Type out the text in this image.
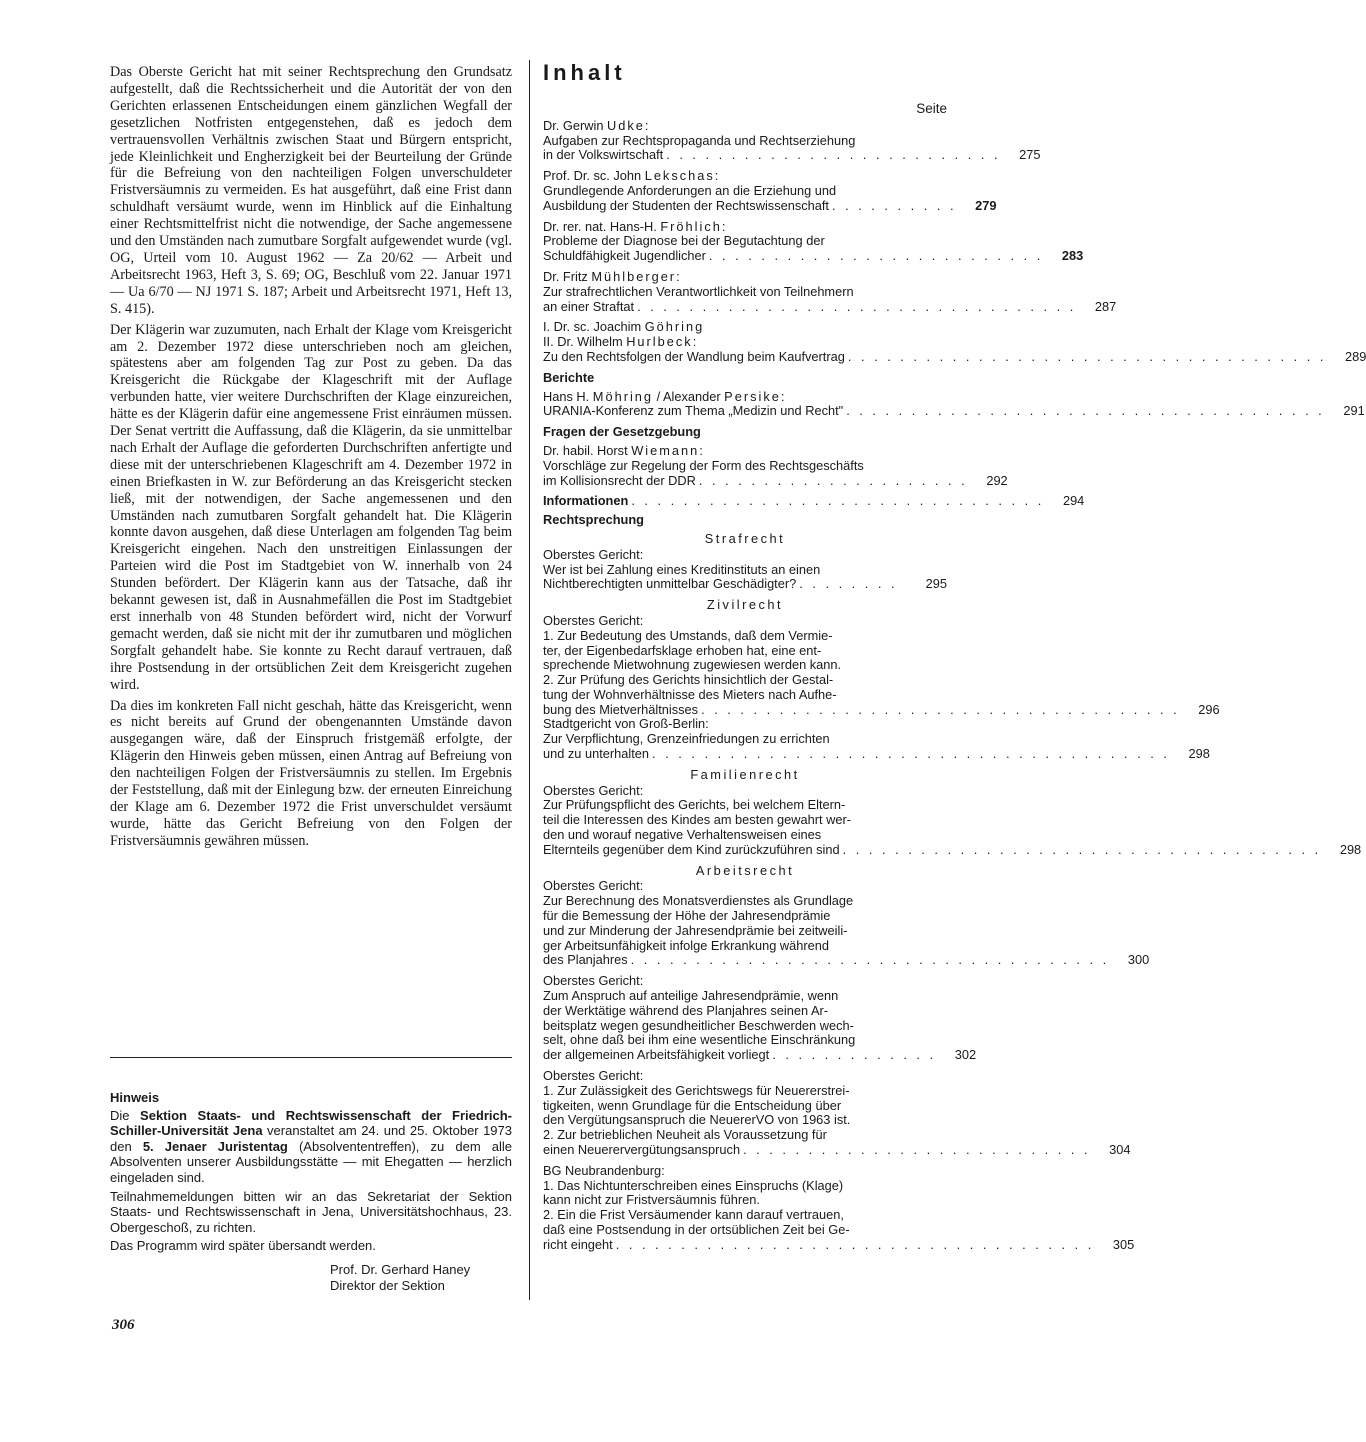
Das Oberste Gericht hat mit seiner Rechtsprechung den Grundsatz aufgestellt, daß die Rechtssicherheit und die Autorität der von den Gerichten erlassenen Entscheidungen einem gänzlichen Wegfall der gesetzlichen Notfristen entgegenstehen, daß es jedoch dem vertrauensvollen Verhältnis zwischen Staat und Bürgern entspricht, jede Kleinlichkeit und Engherzigkeit bei der Beurteilung der Gründe für die Befreiung von den nachteiligen Folgen unverschuldeter Fristversäumnis zu vermeiden. Es hat ausgeführt, daß eine Frist dann schuldhaft versäumt wurde, wenn im Hinblick auf die Einhaltung einer Rechtsmittelfrist nicht die notwendige, der Sache angemessene und den Umständen nach zumutbare Sorgfalt aufgewendet wurde (vgl. OG, Urteil vom 10. August 1962 — Za 20/62 — Arbeit und Arbeitsrecht 1963, Heft 3, S. 69; OG, Beschluß vom 22. Januar 1971 — Ua 6/70 — NJ 1971 S. 187; Arbeit und Arbeitsrecht 1971, Heft 13, S. 415).

Der Klägerin war zuzumuten, nach Erhalt der Klage vom Kreisgericht am 2. Dezember 1972 diese unterschrieben noch am gleichen, spätestens aber am folgenden Tag zur Post zu geben. Da das Kreisgericht die Rückgabe der Klageschrift mit der Auflage verbunden hatte, vier weitere Durchschriften der Klage einzureichen, hätte es der Klägerin dafür eine angemessene Frist einräumen müssen. Der Senat vertritt die Auffassung, daß die Klägerin, da sie unmittelbar nach Erhalt der Auflage die geforderten Durchschriften anfertigte und diese mit der unterschriebenen Klageschrift am 4. Dezember 1972 in einen Briefkasten in W. zur Beförderung an das Kreisgericht stecken ließ, mit der notwendigen, der Sache angemessenen und den Umständen nach zumutbaren Sorgfalt gehandelt hat. Die Klägerin konnte davon ausgehen, daß diese Unterlagen am folgenden Tag beim Kreisgericht eingehen. Nach den unstreitigen Einlassungen der Parteien wird die Post im Stadtgebiet von W. innerhalb von 24 Stunden befördert. Der Klägerin kann aus der Tatsache, daß ihr bekannt gewesen ist, daß in Ausnahmefällen die Post im Stadtgebiet erst innerhalb von 48 Stunden befördert wird, nicht der Vorwurf gemacht werden, daß sie nicht mit der ihr zumutbaren und möglichen Sorgfalt gehandelt habe. Sie konnte zu Recht darauf vertrauen, daß ihre Postsendung in der ortsüblichen Zeit dem Kreisgericht zugehen wird.

Da dies im konkreten Fall nicht geschah, hätte das Kreisgericht, wenn es nicht bereits auf Grund der obengenannten Umstände davon ausgegangen wäre, daß der Einspruch fristgemäß erfolgte, der Klägerin den Hinweis geben müssen, einen Antrag auf Befreiung von den nachteiligen Folgen der Fristversäumnis zu stellen. Im Ergebnis der Feststellung, daß mit der Einlegung bzw. der erneuten Einreichung der Klage am 6. Dezember 1972 die Frist unverschuldet versäumt wurde, hätte das Gericht Befreiung von den Folgen der Fristversäumnis gewähren müssen.

Hinweis

Die Sektion Staats- und Rechtswissenschaft der Friedrich-Schiller-Universität Jena veranstaltet am 24. und 25. Oktober 1973 den 5. Jenaer Juristentag (Absolvententreffen), zu dem alle Absolventen unserer Ausbildungsstätte — mit Ehegatten — herzlich eingeladen sind.

Teilnahmemeldungen bitten wir an das Sekretariat der Sektion Staats- und Rechtswissenschaft in Jena, Universitätshochhaus, 23. Obergeschoß, zu richten.

Das Programm wird später übersandt werden.

Prof. Dr. Gerhard Haney
Direktor der Sektion
306
Inhalt
Seite
Dr. Gerwin Udke:
Aufgaben zur Rechtspropaganda und Rechtserziehung
in der Volkswirtschaft . . . . . . . . . . . . . . . . . . . . . . . . . .	275
Prof. Dr. sc. John Lekschas:
Grundlegende Anforderungen an die Erziehung und
Ausbildung der Studenten der Rechtswissenschaft . . . . . . . . . .	279
Dr. rer. nat. Hans-H. Fröhlich:
Probleme der Diagnose bei der Begutachtung der
Schuldfähigkeit Jugendlicher . . . . . . . . . . . . . . . . . . . . . . . . . .	283
Dr. Fritz Mühlberger:
Zur strafrechtlichen Verantwortlichkeit von Teilnehmern
an einer Straftat . . . . . . . . . . . . . . . . . . . . . . . . . . . . . . . . . .	287
I. Dr. sc. Joachim Göhring
II. Dr. Wilhelm Hurlbeck:
Zu den Rechtsfolgen der Wandlung beim Kaufvertrag . . . . . . . . . . . . . . . . . . . . . . . . . . . . . . . . . . . . .	289
Berichte
Hans H. Möhring / Alexander Persike:
URANIA-Konferenz zum Thema „Medizin und Recht" . . . . . . . . . . . . . . . . . . . . . . . . . . . . . . . . . . . . .	291
Fragen der Gesetzgebung
Dr. habil. Horst Wiemann:
Vorschläge zur Regelung der Form des Rechtsgeschäfts
im Kollisionsrecht der DDR . . . . . . . . . . . . . . . . . . . . .	292
Informationen . . . . . . . . . . . . . . . . . . . . . . . . . . . . . . . .	294
Rechtsprechung
Strafrecht
Oberstes Gericht:
Wer ist bei Zahlung eines Kreditinstituts an einen
Nichtberechtigten unmittelbar Geschädigter? . . . . . . . .	295
Zivilrecht
Oberstes Gericht:
1. Zur Bedeutung des Umstands, daß dem Vermie-
ter, der Eigenbedarfsklage erhoben hat, eine ent-
sprechende Mietwohnung zugewiesen werden kann.
2. Zur Prüfung des Gerichts hinsichtlich der Gestal-
tung der Wohnverhältnisse des Mieters nach Aufhe-
bung des Mietverhältnisses . . . . . . . . . . . . . . . . . . . . . . . . . . . . . . . . . . . . .	296
Stadtgericht von Groß-Berlin:
Zur Verpflichtung, Grenzeinfriedungen zu errichten
und zu unterhalten . . . . . . . . . . . . . . . . . . . . . . . . . . . . . . . . . . . . . . . .	298
Familienrecht
Oberstes Gericht:
Zur Prüfungspflicht des Gerichts, bei welchem Eltern-
teil die Interessen des Kindes am besten gewahrt wer-
den und worauf negative Verhaltensweisen eines
Elternteils gegenüber dem Kind zurückzuführen sind . . . . . . . . . . . . . . . . . . . . . . . . . . . . . . . . . . . . .	298
Arbeitsrecht
Oberstes Gericht:
Zur Berechnung des Monatsverdienstes als Grundlage
für die Bemessung der Höhe der Jahresendprämie
und zur Minderung der Jahresendprämie bei zeitweili-
ger Arbeitsunfähigkeit infolge Erkrankung während
des Planjahres . . . . . . . . . . . . . . . . . . . . . . . . . . . . . . . . . . . . .	300
Oberstes Gericht:
Zum Anspruch auf anteilige Jahresendprämie, wenn
der Werktätige während des Planjahres seinen Ar-
beitsplatz wegen gesundheitlicher Beschwerden wech-
selt, ohne daß bei ihm eine wesentliche Einschränkung
der allgemeinen Arbeitsfähigkeit vorliegt . . . . . . . . . . . . .	302
Oberstes Gericht:
1. Zur Zulässigkeit des Gerichtswegs für Neuererstrei-
tigkeiten, wenn Grundlage für die Entscheidung über
den Vergütungsanspruch die NeuererVO von 1963 ist.
2. Zur betrieblichen Neuheit als Voraussetzung für
einen Neuerervergütungsanspruch . . . . . . . . . . . . . . . . . . . . . . . . . . .	304
BG Neubrandenburg:
1. Das Nichtunterschreiben eines Einspruchs (Klage)
kann nicht zur Fristversäumnis führen.
2. Ein die Frist Versäumender kann darauf vertrauen,
daß eine Postsendung in der ortsüblichen Zeit bei Ge-
richt eingeht . . . . . . . . . . . . . . . . . . . . . . . . . . . . . . . . . . . . .	305
